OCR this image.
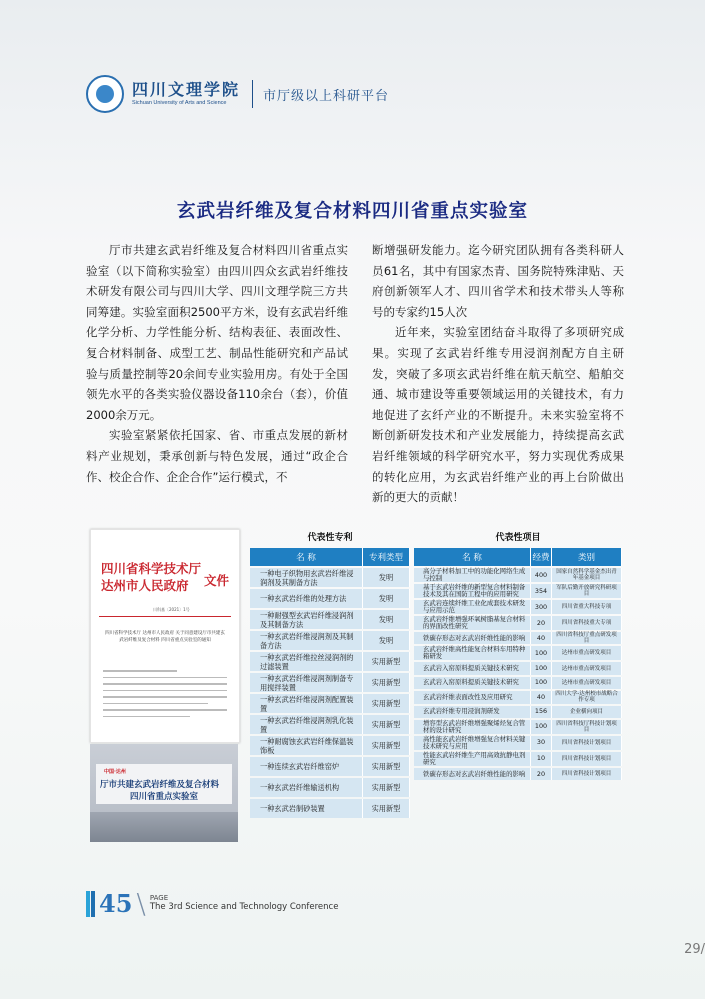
四川文理学院
Sichuan University of Arts and Science	市厅级以上科研平台
玄武岩纤维及复合材料四川省重点实验室

厅市共建玄武岩纤维及复合材料四川省重点实验室（以下简称实验室）由四川四众玄武岩纤维技术研发有限公司与四川大学、四川文理学院三方共同筹建。实验室面积2500平方米，设有玄武岩纤维化学分析、力学性能分析、结构表征、表面改性、复合材料制备、成型工艺、制品性能研究和产品试验与质量控制等20余间专业实验用房。有处于全国领先水平的各类实验仪器设备110余台（套），价值2000余万元。

实验室紧紧依托国家、省、市重点发展的新材料产业规划，秉承创新与特色发展，通过“政企合作、校企合作、企企合作”运行模式，不

断增强研发能力。迄今研究团队拥有各类科研人员61名，其中有国家杰青、国务院特殊津贴、天府创新领军人才、四川省学术和技术带头人等称号的专家约15人次

近年来，实验室团结奋斗取得了多项研究成果。实现了玄武岩纤维专用浸润剂配方自主研发，突破了多项玄武岩纤维在航天航空、船舶交通、城市建设等重要领域运用的关键技术，有力地促进了玄纤产业的不断提升。未来实验室将不断创新研发技术和产业发展能力，持续提高玄武岩纤维领域的科学研究水平，努力实现优秀成果的转化应用，为玄武岩纤维产业的再上台阶做出新的更大的贡献！

四川省科学技术厅
达州市人民政府	文件
川科基〔2021〕1号
四川省科学技术厅 达州市人民政府 关于同意建设厅市共建玄武岩纤维及复合材料 四川省重点实验室的通知
中国·达州
厅市共建玄武岩纤维及复合材料
四川省重点实验室
代表性专利
名 称	专利类型
一种电子织物用玄武岩纤维浸润剂及其制备方法	发明
一种玄武岩纤维的处理方法	发明
一种耐强型玄武岩纤维浸润剂及其制备方法	发明
一种玄武岩纤维浸润剂及其制备方法	发明
一种玄武岩纤维拉丝浸润剂的过滤装置	实用新型
一种玄武岩纤维浸润剂制备专用搅拌装置	实用新型
一种玄武岩纤维浸润剂配置装置	实用新型
一种玄武岩纤维浸润剂乳化装置	实用新型
一种耐腐蚀玄武岩纤维保温装饰板	实用新型
一种连续玄武岩纤维窑炉	实用新型
一种玄武岩纤维输送机构	实用新型
一种玄武岩制砂装置	实用新型
代表性项目
名 称	经费	类别
高分子材料加工中的功能化网络生成与控制	400	国家自然科学基金杰出青年基金项目
基于玄武岩纤维的新型复合材料制备技术及其在国防工程中的应用研究	354	军队后勤开放研究科研项目
玄武岩连续纤维工业化成套技术研发与应用示范	300	四川省重大科技专项
玄武岩纤维增强环氧树脂基复合材料的界面改性研究	20	四川省科技重大专项
铁碳存形态对玄武岩纤维性能的影响	40	四川省科技厅重点研发项目
玄武岩纤维高性能复合材料车用特种箱研发	100	达州市重点研发项目
玄武岩入窑原料提质关键技术研究	100	达州市重点研发项目
玄武岩入窑原料提质关键技术研究	100	达州市重点研发项目
玄武岩纤维表面改性及应用研究	40	四川大学-达州校市战略合作专项
玄武岩纤维专用浸润剂研发	156	企业横向项目
增容型玄武岩纤维增强聚烯烃复合管材的设计研究	100	四川省科技厅科技计划项目
高性能玄武岩纤维增强复合材料关键技术研究与应用	30	四川省科技计划项目
性能玄武岩纤维生产用高效抗静电剂研究	10	四川省科技计划项目
铁碳存形态对玄武岩纤维性能的影响	20	四川省科技计划项目
45 \ PAGE
The 3rd Science and Technology Conference
29/
